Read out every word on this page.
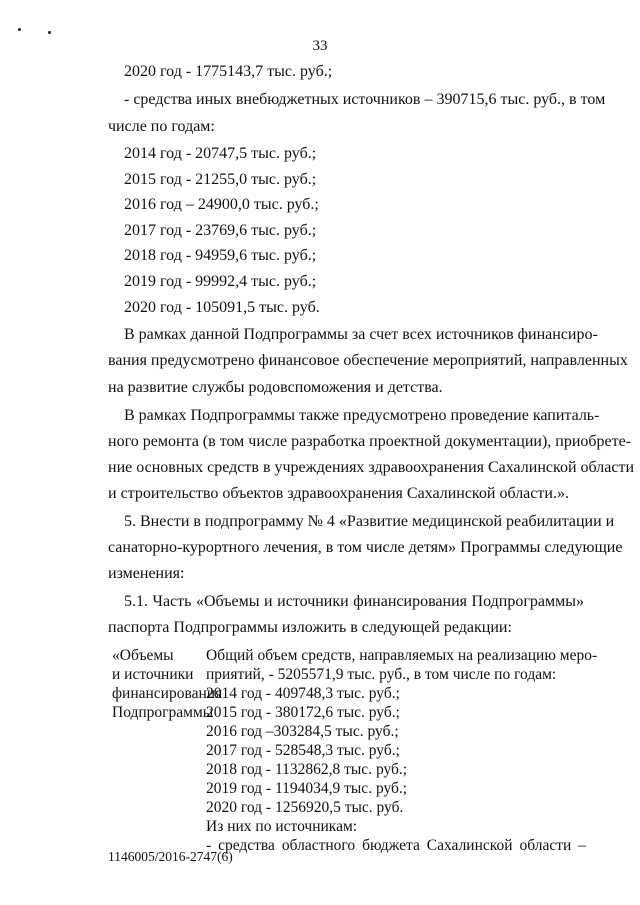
33
2020 год - 1775143,7 тыс. руб.;
- средства иных внебюджетных источников – 390715,6 тыс. руб., в том
числе по годам:
2014 год - 20747,5 тыс. руб.;
2015 год - 21255,0 тыс. руб.;
2016 год – 24900,0 тыс. руб.;
2017 год - 23769,6 тыс. руб.;
2018 год - 94959,6 тыс. руб.;
2019 год - 99992,4 тыс. руб.;
2020 год - 105091,5 тыс. руб.
В рамках данной Подпрограммы за счет всех источников финансиро-
вания предусмотрено финансовое обеспечение мероприятий, направленных
на развитие службы родовспоможения и детства.
В рамках Подпрограммы также предусмотрено проведение капиталь-
ного ремонта (в том числе разработка проектной документации), приобрете-
ние основных средств в учреждениях здравоохранения Сахалинской области
и строительство объектов здравоохранения Сахалинской области.».
5. Внести в подпрограмму № 4 «Развитие медицинской реабилитации и
санаторно-курортного лечения, в том числе детям» Программы следующие
изменения:
5.1. Часть «Объемы и источники финансирования Подпрограммы»
паспорта Подпрограммы изложить в следующей редакции:
«Объемы
и источники
финансирования
Подпрограммы
Общий объем средств, направляемых на реализацию меро-
приятий, - 5205571,9 тыс. руб., в том числе по годам:
2014 год - 409748,3 тыс. руб.;
2015 год - 380172,6 тыс. руб.;
2016 год –303284,5 тыс. руб.;
2017 год - 528548,3 тыс. руб.;
2018 год - 1132862,8 тыс. руб.;
2019 год - 1194034,9 тыс. руб.;
2020 год - 1256920,5 тыс. руб.
Из них по источникам:
- средства областного бюджета Сахалинской области –
1146005/2016-2747(6)
